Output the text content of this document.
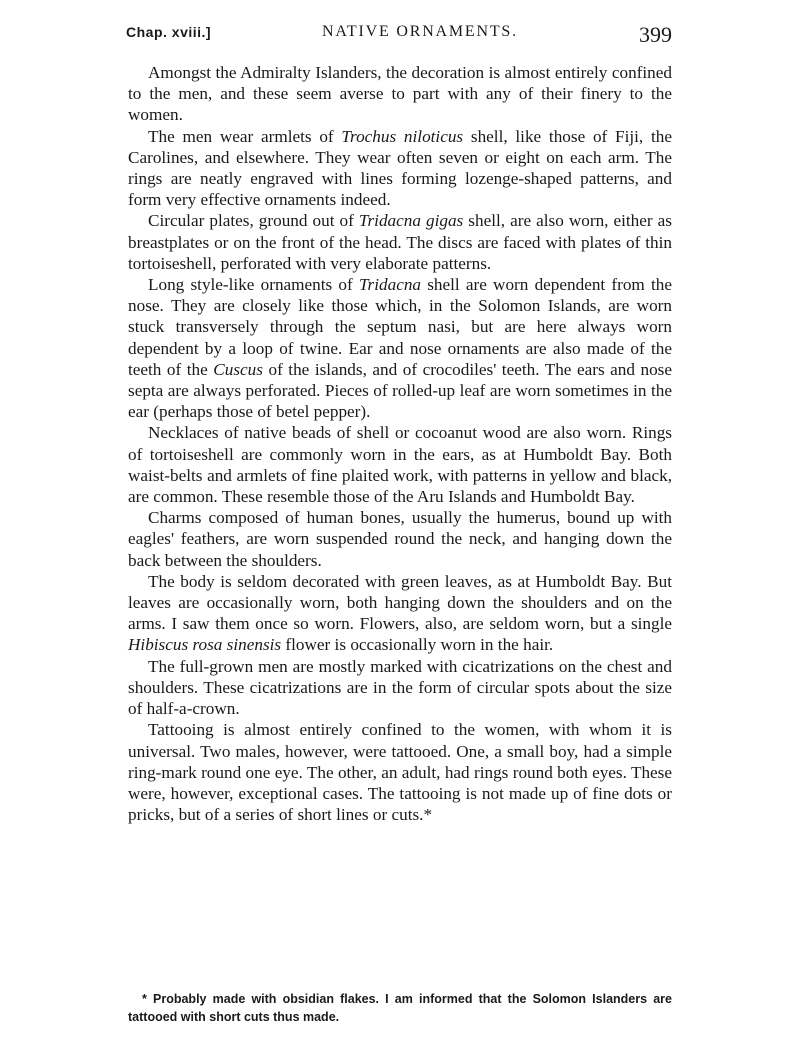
Chap. xviii.]	NATIVE ORNAMENTS.	399

Amongst the Admiralty Islanders, the decoration is almost entirely confined to the men, and these seem averse to part with any of their finery to the women.

The men wear armlets of Trochus niloticus shell, like those of Fiji, the Carolines, and elsewhere. They wear often seven or eight on each arm. The rings are neatly engraved with lines forming lozenge-shaped patterns, and form very effective ornaments indeed.

Circular plates, ground out of Tridacna gigas shell, are also worn, either as breastplates or on the front of the head. The discs are faced with plates of thin tortoiseshell, perforated with very elaborate patterns.

Long style-like ornaments of Tridacna shell are worn dependent from the nose. They are closely like those which, in the Solomon Islands, are worn stuck transversely through the septum nasi, but are here always worn dependent by a loop of twine. Ear and nose ornaments are also made of the teeth of the Cuscus of the islands, and of crocodiles' teeth. The ears and nose septa are always perforated. Pieces of rolled-up leaf are worn sometimes in the ear (perhaps those of betel pepper).

Necklaces of native beads of shell or cocoanut wood are also worn. Rings of tortoiseshell are commonly worn in the ears, as at Humboldt Bay. Both waist-belts and armlets of fine plaited work, with patterns in yellow and black, are common. These resemble those of the Aru Islands and Humboldt Bay.

Charms composed of human bones, usually the humerus, bound up with eagles' feathers, are worn suspended round the neck, and hanging down the back between the shoulders.

The body is seldom decorated with green leaves, as at Humboldt Bay. But leaves are occasionally worn, both hanging down the shoulders and on the arms. I saw them once so worn. Flowers, also, are seldom worn, but a single Hibiscus rosa sinensis flower is occasionally worn in the hair.

The full-grown men are mostly marked with cicatrizations on the chest and shoulders. These cicatrizations are in the form of circular spots about the size of half-a-crown.

Tattooing is almost entirely confined to the women, with whom it is universal. Two males, however, were tattooed. One, a small boy, had a simple ring-mark round one eye. The other, an adult, had rings round both eyes. These were, however, exceptional cases. The tattooing is not made up of fine dots or pricks, but of a series of short lines or cuts.*

* Probably made with obsidian flakes. I am informed that the Solomon Islanders are tattooed with short cuts thus made.
